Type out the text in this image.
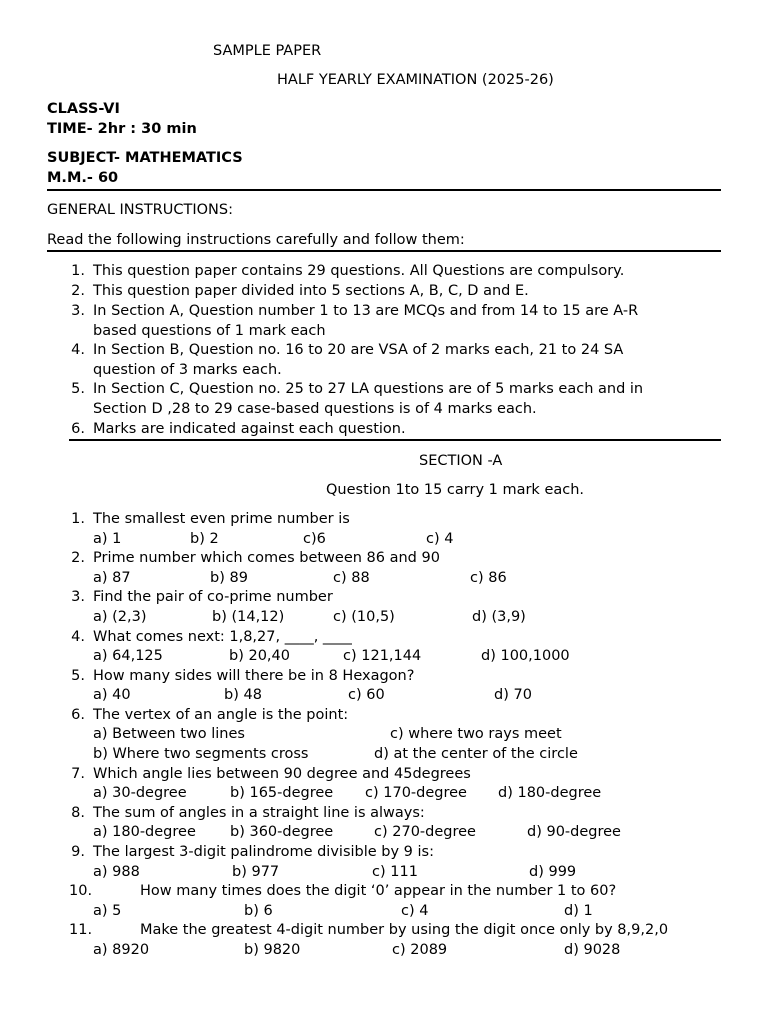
SAMPLE PAPER
HALF YEARLY EXAMINATION (2025-26)
CLASS-VI
TIME- 2hr : 30 min
SUBJECT- MATHEMATICS
M.M.- 60
GENERAL INSTRUCTIONS:
Read the following instructions carefully and follow them:
1. This question paper contains 29 questions. All Questions are compulsory.
2. This question paper divided into 5 sections A, B, C, D and E.
3. In Section A, Question number 1 to 13 are MCQs and from 14 to 15 are A-R
based questions of 1 mark each
4. In Section B, Question no. 16 to 20 are VSA of 2 marks each, 21 to 24 SA
question of 3 marks each.
5. In Section C, Question no. 25 to 27 LA questions are of 5 marks each and in
Section D ,28 to 29 case-based questions is of 4 marks each.
6. Marks are indicated against each question.
SECTION -A
Question 1to 15 carry 1 mark each.
1. The smallest even prime number is
a) 1	b) 2	c)6	c) 4
2. Prime number which comes between 86 and 90
a) 87	b) 89	c) 88	c) 86
3. Find the pair of co-prime number
a) (2,3)	b) (14,12)	c) (10,5)	d) (3,9)
4. What comes next: 1,8,27, ____, ____
a) 64,125	b) 20,40	c) 121,144	d) 100,1000
5. How many sides will there be in 8 Hexagon?
a) 40	b) 48	c) 60	d) 70
6. The vertex of an angle is the point:
a) Between two lines	c) where two rays meet
b) Where two segments cross	d) at the center of the circle
7. Which angle lies between 90 degree and 45degrees
a) 30-degree	b) 165-degree c) 170-degree d) 180-degree
8. The sum of angles in a straight line is always:
a) 180-degree b) 360-degree	c) 270-degree	d) 90-degree
9. The largest 3-digit palindrome divisible by 9 is:
a) 988	b) 977	c) 111	d) 999
10.	How many times does the digit ‘0’ appear in the number 1 to 60?
a) 5	b) 6	c) 4	d) 1
11.	Make the greatest 4-digit number by using the digit once only by 8,9,2,0
a) 8920	b) 9820	c) 2089	d) 9028
